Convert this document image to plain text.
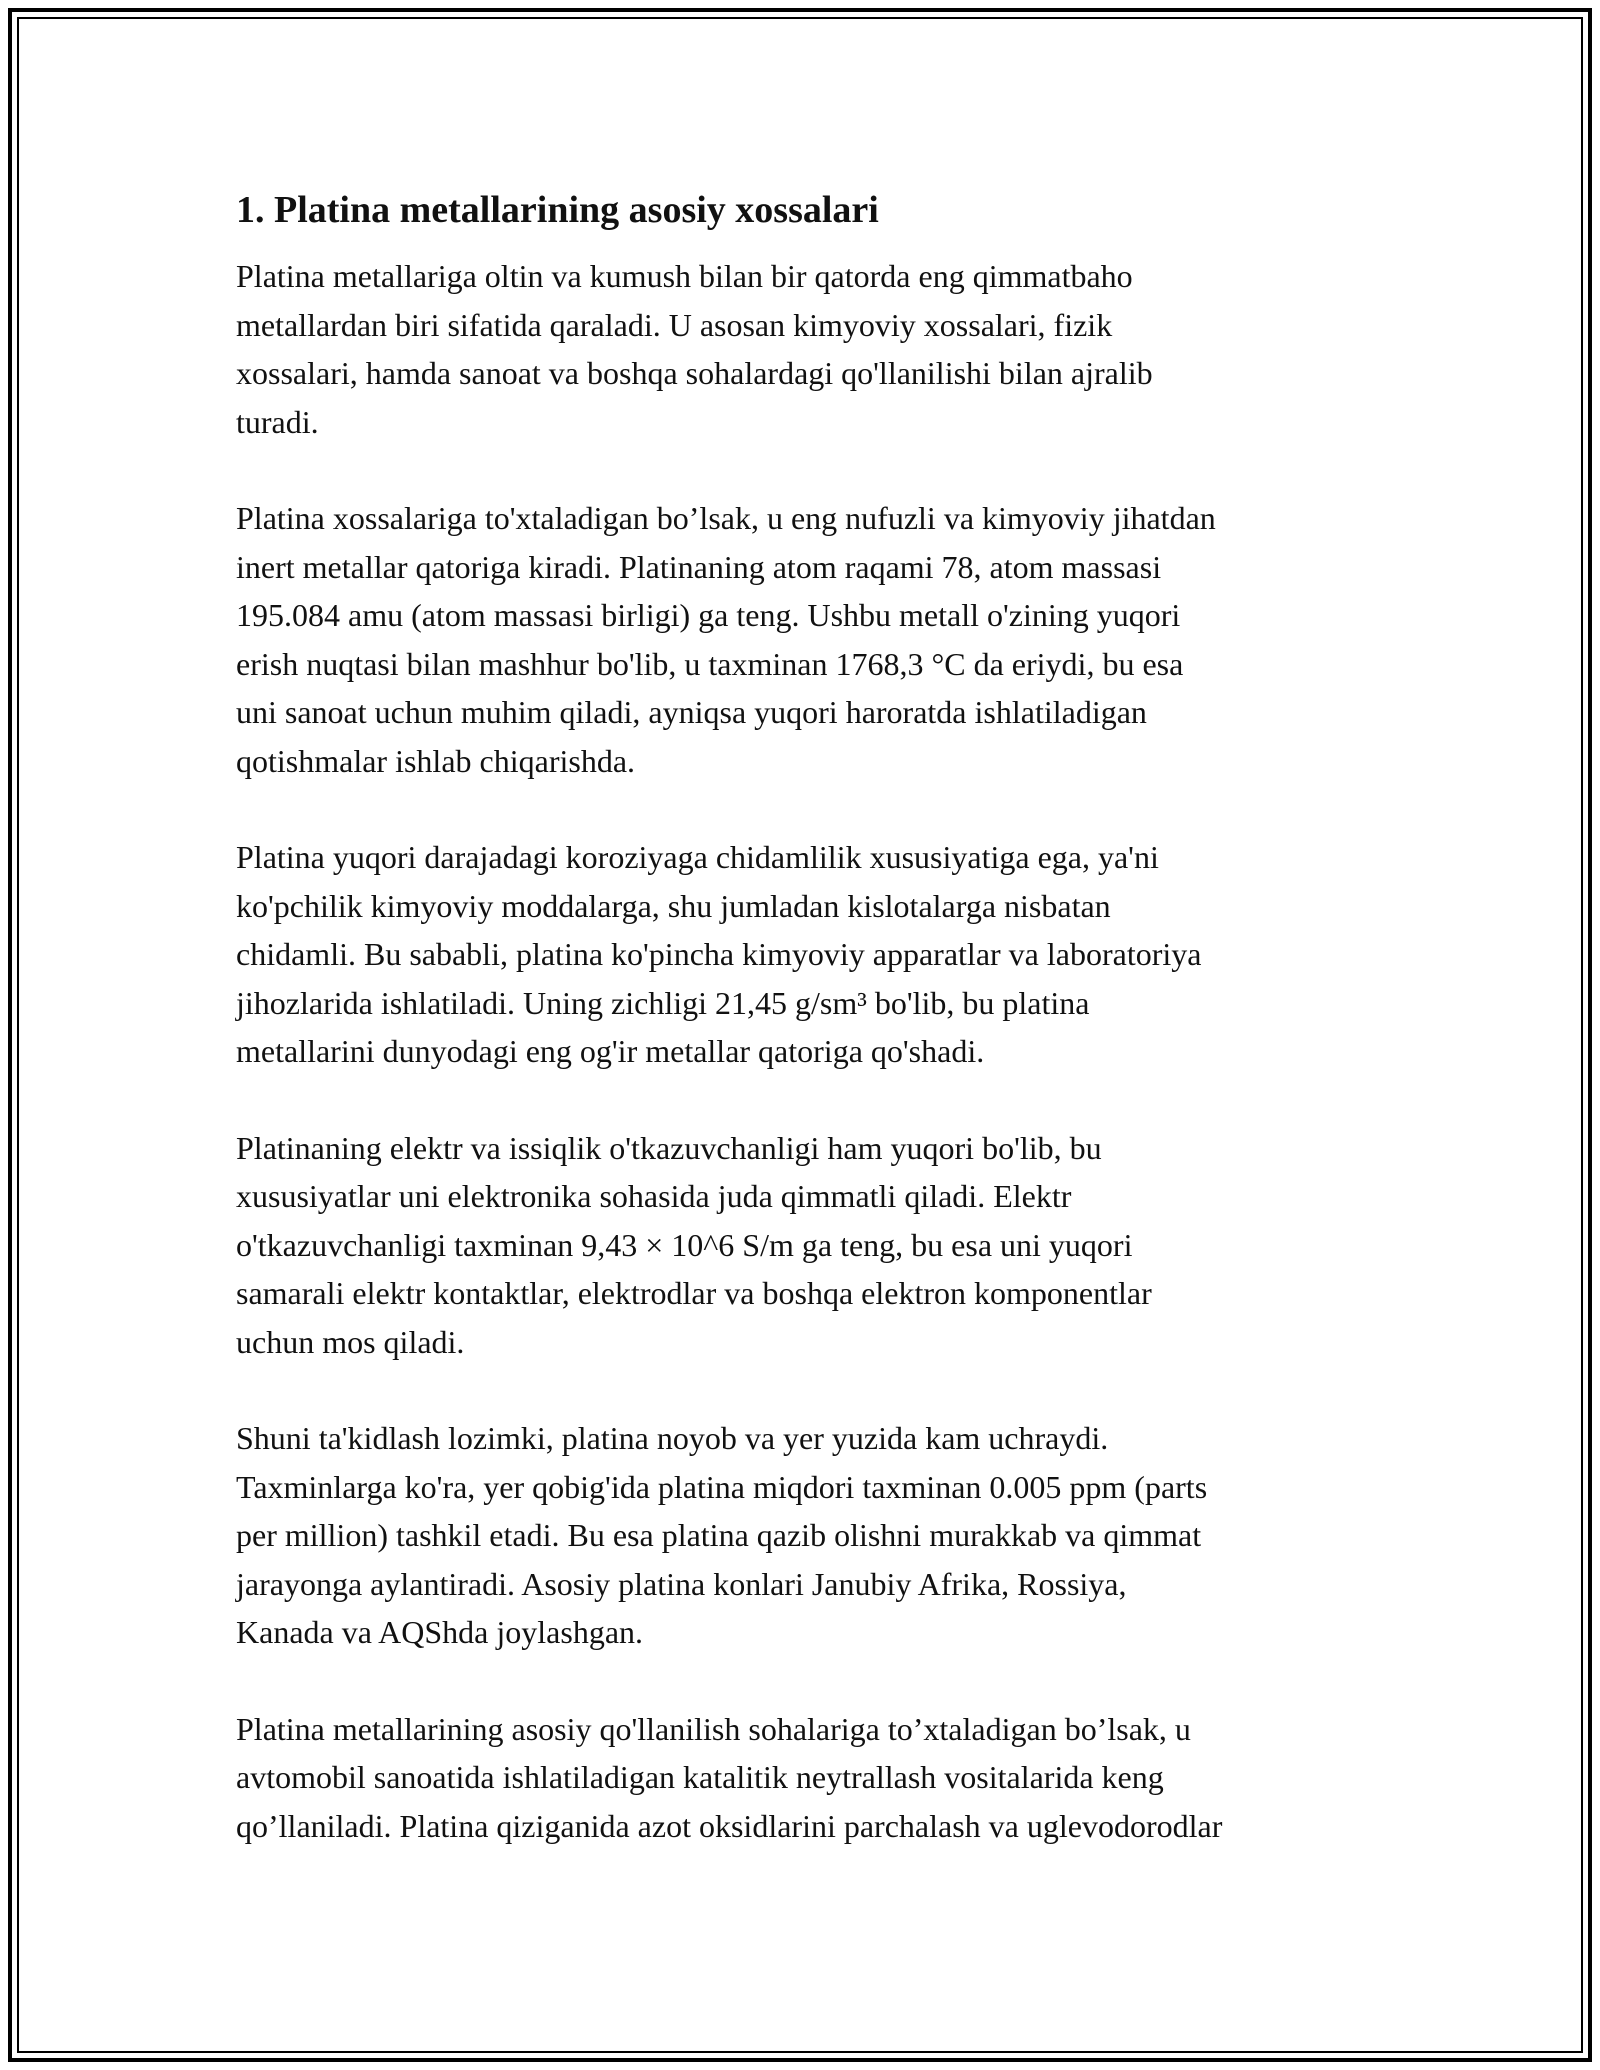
1. Platina metallarining asosiy xossalari

Platina metallariga oltin va kumush bilan bir qatorda eng qimmatbaho
metallardan biri sifatida qaraladi. U asosan kimyoviy xossalari, fizik
xossalari, hamda sanoat va boshqa sohalardagi qo'llanilishi bilan ajralib
turadi.

Platina xossalariga to'xtaladigan bo’lsak, u eng nufuzli va kimyoviy jihatdan
inert metallar qatoriga kiradi. Platinaning atom raqami 78, atom massasi
195.084 amu (atom massasi birligi) ga teng. Ushbu metall o'zining yuqori
erish nuqtasi bilan mashhur bo'lib, u taxminan 1768,3 °C da eriydi, bu esa
uni sanoat uchun muhim qiladi, ayniqsa yuqori haroratda ishlatiladigan
qotishmalar ishlab chiqarishda.

Platina yuqori darajadagi koroziyaga chidamlilik xususiyatiga ega, ya'ni
ko'pchilik kimyoviy moddalarga, shu jumladan kislotalarga nisbatan
chidamli. Bu sababli, platina ko'pincha kimyoviy apparatlar va laboratoriya
jihozlarida ishlatiladi. Uning zichligi 21,45 g/sm³ bo'lib, bu platina
metallarini dunyodagi eng og'ir metallar qatoriga qo'shadi.

Platinaning elektr va issiqlik o'tkazuvchanligi ham yuqori bo'lib, bu
xususiyatlar uni elektronika sohasida juda qimmatli qiladi. Elektr
o'tkazuvchanligi taxminan 9,43 × 10^6 S/m ga teng, bu esa uni yuqori
samarali elektr kontaktlar, elektrodlar va boshqa elektron komponentlar
uchun mos qiladi.

Shuni ta'kidlash lozimki, platina noyob va yer yuzida kam uchraydi.
Taxminlarga ko'ra, yer qobig'ida platina miqdori taxminan 0.005 ppm (parts
per million) tashkil etadi. Bu esa platina qazib olishni murakkab va qimmat
jarayonga aylantiradi. Asosiy platina konlari Janubiy Afrika, Rossiya,
Kanada va AQShda joylashgan.

Platina metallarining asosiy qo'llanilish sohalariga to’xtaladigan bo’lsak, u
avtomobil sanoatida ishlatiladigan katalitik neytrallash vositalarida keng
qo’llaniladi. Platina qiziganida azot oksidlarini parchalash va uglevodorodlar
